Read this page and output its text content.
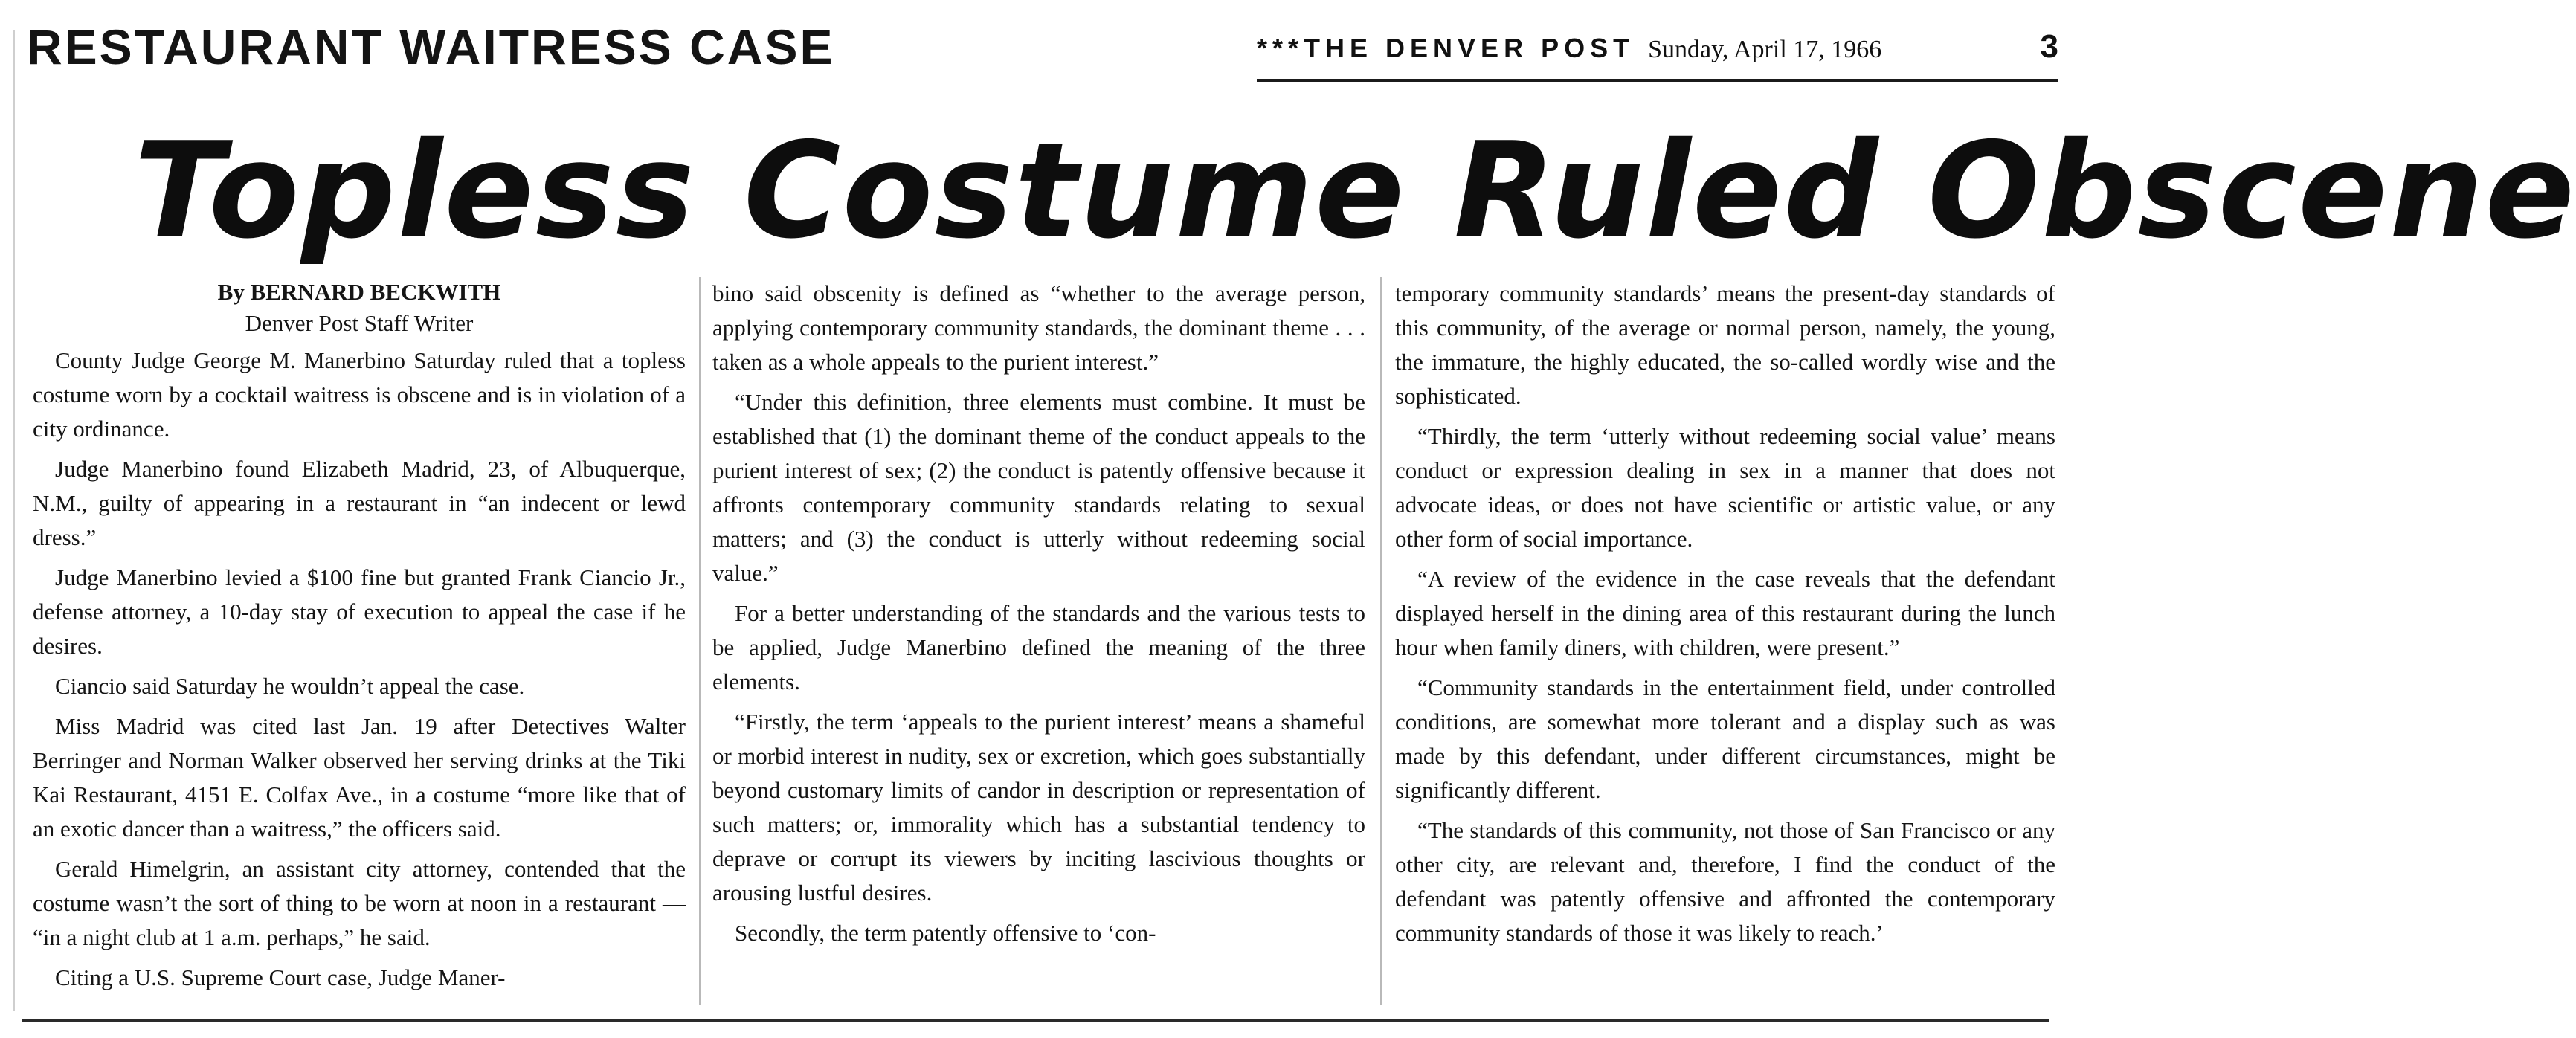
RESTAURANT WAITRESS CASE	***THE DENVER POST Sunday, April 17, 1966	3
Topless Costume Ruled Obscene
By BERNARD BECKWITH
Denver Post Staff Writer

County Judge George M. Manerbino Saturday ruled that a topless costume worn by a cocktail waitress is obscene and is in violation of a city ordinance.

Judge Manerbino found Elizabeth Madrid, 23, of Albuquerque, N.M., guilty of appearing in a restaurant in “an indecent or lewd dress.”

Judge Manerbino levied a $100 fine but granted Frank Ciancio Jr., defense attorney, a 10-day stay of execution to appeal the case if he desires.

Ciancio said Saturday he wouldn’t appeal the case.

Miss Madrid was cited last Jan. 19 after Detectives Walter Berringer and Norman Walker observed her serving drinks at the Tiki Kai Restaurant, 4151 E. Colfax Ave., in a costume “more like that of an exotic dancer than a waitress,” the officers said.

Gerald Himelgrin, an assistant city attorney, contended that the costume wasn’t the sort of thing to be worn at noon in a restaurant — “in a night club at 1 a.m. perhaps,” he said.

Citing a U.S. Supreme Court case, Judge Maner-

bino said obscenity is defined as “whether to the average person, applying contemporary community standards, the dominant theme . . . taken as a whole appeals to the purient interest.”

“Under this definition, three elements must combine. It must be established that (1) the dominant theme of the conduct appeals to the purient interest of sex; (2) the conduct is patently offensive because it affronts contemporary community standards relating to sexual matters; and (3) the conduct is utterly without redeeming social value.”

For a better understanding of the standards and the various tests to be applied, Judge Manerbino defined the meaning of the three elements.

“Firstly, the term ‘appeals to the purient interest’ means a shameful or morbid interest in nudity, sex or excretion, which goes substantially beyond customary limits of candor in description or representation of such matters; or, immorality which has a substantial tendency to deprave or corrupt its viewers by inciting lascivious thoughts or arousing lustful desires.

Secondly, the term patently offensive to ‘con-

temporary community standards’ means the present-day standards of this community, of the average or normal person, namely, the young, the immature, the highly educated, the so-called wordly wise and the sophisticated.

“Thirdly, the term ‘utterly without redeeming social value’ means conduct or expression dealing in sex in a manner that does not advocate ideas, or does not have scientific or artistic value, or any other form of social importance.

“A review of the evidence in the case reveals that the defendant displayed herself in the dining area of this restaurant during the lunch hour when family diners, with children, were present.”

“Community standards in the entertainment field, under controlled conditions, are somewhat more tolerant and a display such as was made by this defendant, under different circumstances, might be significantly different.

“The standards of this community, not those of San Francisco or any other city, are relevant and, therefore, I find the conduct of the defendant was patently offensive and affronted the contemporary community standards of those it was likely to reach.’
